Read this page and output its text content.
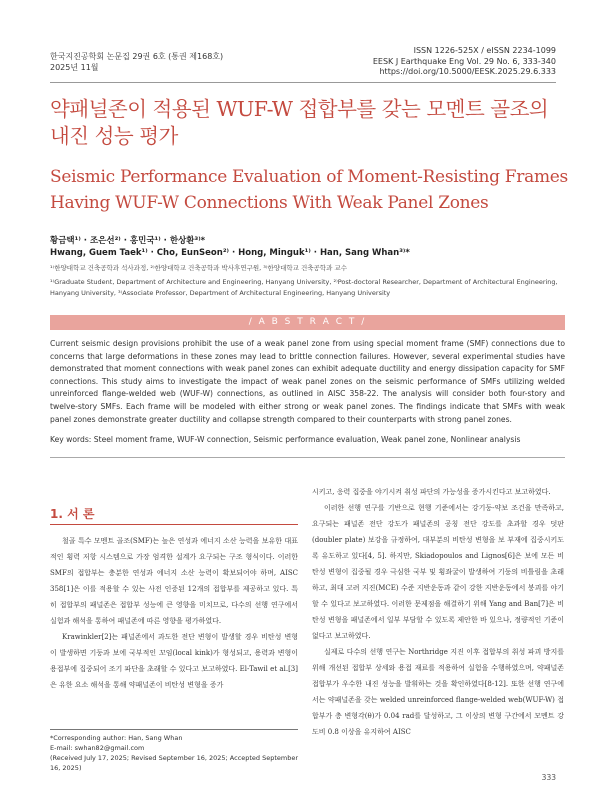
한국지진공학회 논문집 29권 6호 (통권 제168호)
2025년 11월
ISSN 1226-525X / eISSN 2234-1099
EESK J Earthquake Eng Vol. 29 No. 6, 333-340
https://doi.org/10.5000/EESK.2025.29.6.333
약패널존이 적용된 WUF-W 접합부를 갖는 모멘트 골조의 내진 성능 평가
Seismic Performance Evaluation of Moment-Resisting Frames Having WUF-W Connections With Weak Panel Zones
황금택¹⁾ · 조은선²⁾ · 홍민국¹⁾ · 한상환³⁾*
Hwang, Guem Taek¹⁾ · Cho, EunSeon²⁾ · Hong, Minguk¹⁾ · Han, Sang Whan³⁾*
¹⁾한양대학교 건축공학과 석사과정, ²⁾한양대학교 건축공학과 박사후연구원, ³⁾한양대학교 건축공학과 교수
¹⁾Graduate Student, Department of Architecture and Engineering, Hanyang University, ²⁾Post-doctoral Researcher, Department of Architectural Engineering, Hanyang University, ³⁾Associate Professor, Department of Architectural Engineering, Hanyang University
/ A B S T R A C T /
Current seismic design provisions prohibit the use of a weak panel zone from using special moment frame (SMF) connections due to concerns that large deformations in these zones may lead to brittle connection failures. However, several experimental studies have demonstrated that moment connections with weak panel zones can exhibit adequate ductility and energy dissipation capacity for SMF connections. This study aims to investigate the impact of weak panel zones on the seismic performance of SMFs utilizing welded unreinforced flange-welded web (WUF-W) connections, as outlined in AISC 358-22. The analysis will consider both four-story and twelve-story SMFs. Each frame will be modeled with either strong or weak panel zones. The findings indicate that SMFs with weak panel zones demonstrate greater ductility and collapse strength compared to their counterparts with strong panel zones.
Key words: Steel moment frame, WUF-W connection, Seismic performance evaluation, Weak panel zone, Nonlinear analysis
1. 서 론

철골 특수 모멘트 골조(SMF)는 높은 연성과 에너지 소산 능력을 보유한 대표적인 횡력 저항 시스템으로 가장 엄격한 설계가 요구되는 구조 형식이다. 이러한 SMF의 접합부는 충분한 연성과 에너지 소산 능력이 확보되어야 하며, AISC 358[1]은 이를 적용할 수 있는 사전 인증된 12개의 접합부를 제공하고 있다. 특히 접합부의 패널존은 접합부 성능에 큰 영향을 미치므로, 다수의 선행 연구에서 실험과 해석을 통하여 패널존에 따른 영향을 평가하였다.

Krawinkler[2]는 패널존에서 과도한 전단 변형이 발생할 경우 비탄성 변형이 발생하면 기둥과 보에 국부적인 꼬임(local kink)가 형성되고, 용력과 변형이 용접부에 집중되어 조기 파단을 초래할 수 있다고 보고하였다. El-Tawil et al.[3]은 유한 요소 해석을 통해 약패널존이 비탄성 변형을 증가

시키고, 응력 집중을 야기시켜 취성 파단의 가능성을 증가시킨다고 보고하였다.

이러한 선행 연구를 기반으로 현행 기준에서는 강기둥-약보 조건을 만족하고, 요구되는 패널존 전단 강도가 패널존의 공칭 전단 강도를 초과할 경우 덧판(doubler plate) 보강을 규정하여, 대부분의 비탄성 변형을 보 부재에 집중시키도록 유도하고 있다[4, 5]. 하지만, Skiadopoulos and Lignos[6]은 보에 모든 비탄성 변형이 집중될 경우 극심한 국부 및 횡좌굴이 발생하여 기둥의 비틀림을 초래하고, 최대 고려 지진(MCE) 수준 지반운동과 같이 강한 지반운동에서 붕괴를 야기할 수 있다고 보고하였다. 이러한 문제점을 해결하기 위해 Yang and Ban[7]은 비탄성 변형을 패널존에서 일부 부담할 수 있도록 제안한 바 있으나, 정량적인 기준이 없다고 보고하였다.

실제로 다수의 선행 연구는 Northridge 지진 이후 접합부의 취성 파괴 방지를 위해 개선된 접합부 상세와 용접 재료를 적용하여 실험을 수행하였으며, 약패널존 접합부가 우수한 내진 성능을 발휘하는 것을 확인하였다[8-12]. 또한 선행 연구에서는 약패널존을 갖는 welded unreinforced flange-welded web(WUF-W) 접합부가 층 변형각(θ)가 0.04 rad를 달성하고, 그 이상의 변형 구간에서 모멘트 강도비 0.8 이상을 유지하여 AISC

*Corresponding author: Han, Sang Whan
E-mail: swhan82@gmail.com
(Received July 17, 2025; Revised September 16, 2025; Accepted September 16, 2025)
333
